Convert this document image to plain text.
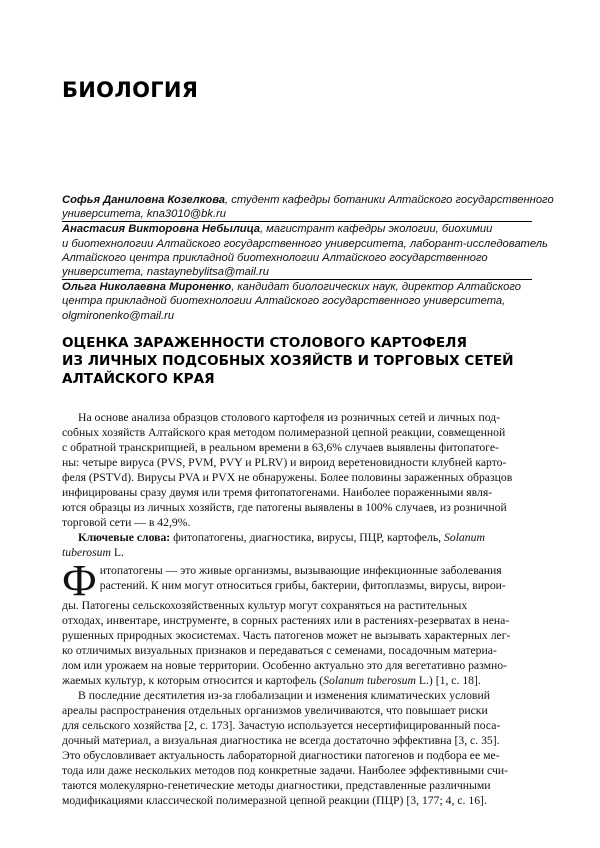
БИОЛОГИЯ
Софья Даниловна Козелкова, студент кафедры ботаники Алтайского государственного
университета, kna3010@bk.ru
Анастасия Викторовна Небылица, магистрант кафедры экологии, биохимии
и биотехнологии Алтайского государственного университета, лаборант-исследователь
Алтайского центра прикладной биотехнологии Алтайского государственного
университета, nastaynebylitsa@mail.ru
Ольга Николаевна Мироненко, кандидат биологических наук, директор Алтайского
центра прикладной биотехнологии Алтайского государственного университета,
olgmironenko@mail.ru
ОЦЕНКА ЗАРАЖЕННОСТИ СТОЛОВОГО КАРТОФЕЛЯ
ИЗ ЛИЧНЫХ ПОДСОБНЫХ ХОЗЯЙСТВ И ТОРГОВЫХ СЕТЕЙ
АЛТАЙСКОГО КРАЯ
На основе анализа образцов столового картофеля из розничных сетей и личных под-
собных хозяйств Алтайского края методом полимеразной цепной реакции, совмещенной
с обратной транскрипцией, в реальном времени в 63,6% случаев выявлены фитопатоге-
ны: четыре вируса (PVS, PVM, PVY и PLRV) и вироид веретеновидности клубней карто-
феля (PSTVd). Вирусы PVA и PVX не обнаружены. Более половины зараженных образцов
инфицированы сразу двумя или тремя фитопатогенами. Наиболее пораженными явля-
ются образцы из личных хозяйств, где патогены выявлены в 100% случаев, из розничной
торговой сети — в 42,9%.
Ключевые слова: фитопатогены, диагностика, вирусы, ПЦР, картофель, Solanum
tuberosum L.
Ф итопатогены — это живые организмы, вызывающие инфекционные заболевания
растений. К ним могут относиться грибы, бактерии, фитоплазмы, вирусы, вирои-
ды. Патогены сельскохозяйственных культур могут сохраняться на растительных
отходах, инвентаре, инструменте, в сорных растениях или в растениях-резерватах в нена-
рушенных природных экосистемах. Часть патогенов может не вызывать характерных лег-
ко отличимых визуальных признаков и передаваться с семенами, посадочным материа-
лом или урожаем на новые территории. Особенно актуально это для вегетативно размно-
жаемых культур, к которым относится и картофель (Solanum tuberosum L.) [1, с. 18].
В последние десятилетия из-за глобализации и изменения климатических условий
ареалы распространения отдельных организмов увеличиваются, что повышает риски
для сельского хозяйства [2, с. 173]. Зачастую используется несертифицированный поса-
дочный материал, а визуальная диагностика не всегда достаточно эффективна [3, с. 35].
Это обусловливает актуальность лабораторной диагностики патогенов и подбора ее ме-
тода или даже нескольких методов под конкретные задачи. Наиболее эффективными счи-
таются молекулярно-генетические методы диагностики, представленные различными
модификациями классической полимеразной цепной реакции (ПЦР) [3, 177; 4, с. 16].
